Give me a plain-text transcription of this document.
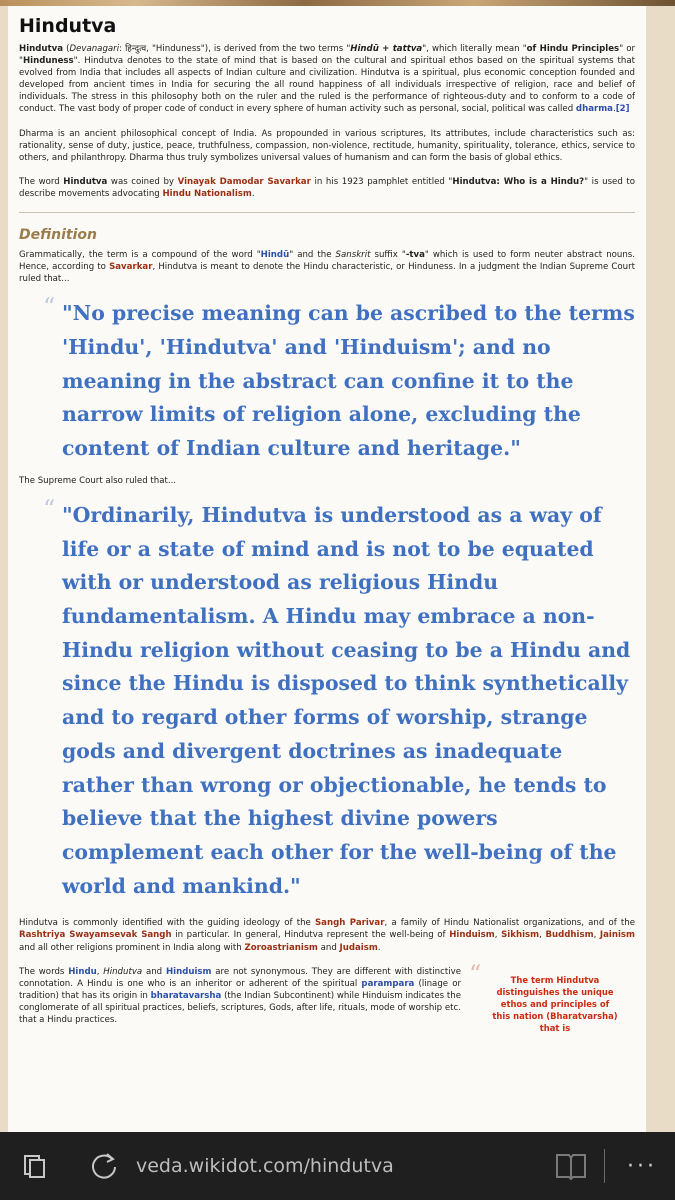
Hindutva

Hindutva (Devanagari: हिन्दुत्व, "Hinduness"), is derived from the two terms "Hindū + tattva", which literally mean "of Hindu Principles" or "Hinduness". Hindutva denotes to the state of mind that is based on the cultural and spiritual ethos based on the spiritual systems that evolved from India that includes all aspects of Indian culture and civilization. Hindutva is a spiritual, plus economic conception founded and developed from ancient times in India for securing the all round happiness of all individuals irrespective of religion, race and belief of individuals. The stress in this philosophy both on the ruler and the ruled is the performance of righteous-duty and to conform to a code of conduct. The vast body of proper code of conduct in every sphere of human activity such as personal, social, political was called dharma.[2]

Dharma is an ancient philosophical concept of India. As propounded in various scriptures, Its attributes, include characteristics such as: rationality, sense of duty, justice, peace, truthfulness, compassion, non-violence, rectitude, humanity, spirituality, tolerance, ethics, service to others, and philanthropy. Dharma thus truly symbolizes universal values of humanism and can form the basis of global ethics.

The word Hindutva was coined by Vinayak Damodar Savarkar in his 1923 pamphlet entitled "Hindutva: Who is a Hindu?" is used to describe movements advocating Hindu Nationalism.

Definition

Grammatically, the term is a compound of the word "Hindū" and the Sanskrit suffix "-tva" which is used to form neuter abstract nouns. Hence, according to Savarkar, Hindutva is meant to denote the Hindu characteristic, or Hinduness. In a judgment the Indian Supreme Court ruled that...

“ "No precise meaning can be ascribed to the terms 'Hindu', 'Hindutva' and 'Hinduism'; and no meaning in the abstract can confine it to the narrow limits of religion alone, excluding the content of Indian culture and heritage."

The Supreme Court also ruled that...

“ "Ordinarily, Hindutva is understood as a way of life or a state of mind and is not to be equated with or understood as religious Hindu fundamentalism. A Hindu may embrace a non-Hindu religion without ceasing to be a Hindu and since the Hindu is disposed to think synthetically and to regard other forms of worship, strange gods and divergent doctrines as inadequate rather than wrong or objectionable, he tends to believe that the highest divine powers complement each other for the well-being of the world and mankind."

Hindutva is commonly identified with the guiding ideology of the Sangh Parivar, a family of Hindu Nationalist organizations, and of the Rashtriya Swayamsevak Sangh in particular. In general, Hindutva represent the well-being of Hinduism, Sikhism, Buddhism, Jainism and all other religions prominent in India along with Zoroastrianism and Judaism.

The words Hindu, Hindutva and Hinduism are not synonymous. They are different with distinctive connotation. A Hindu is one who is an inheritor or adherent of the spiritual parampara (linage or tradition) that has its origin in bharatavarsha (the Indian Subcontinent) while Hinduism indicates the conglomerate of all spiritual practices, beliefs, scriptures, Gods, after life, rituals, mode of worship etc. that a Hindu practices.

“	The term Hindutva distinguishes the unique ethos and principles of this nation (Bharatvarsha) that is

veda.wikidot.com/hindutva	···
